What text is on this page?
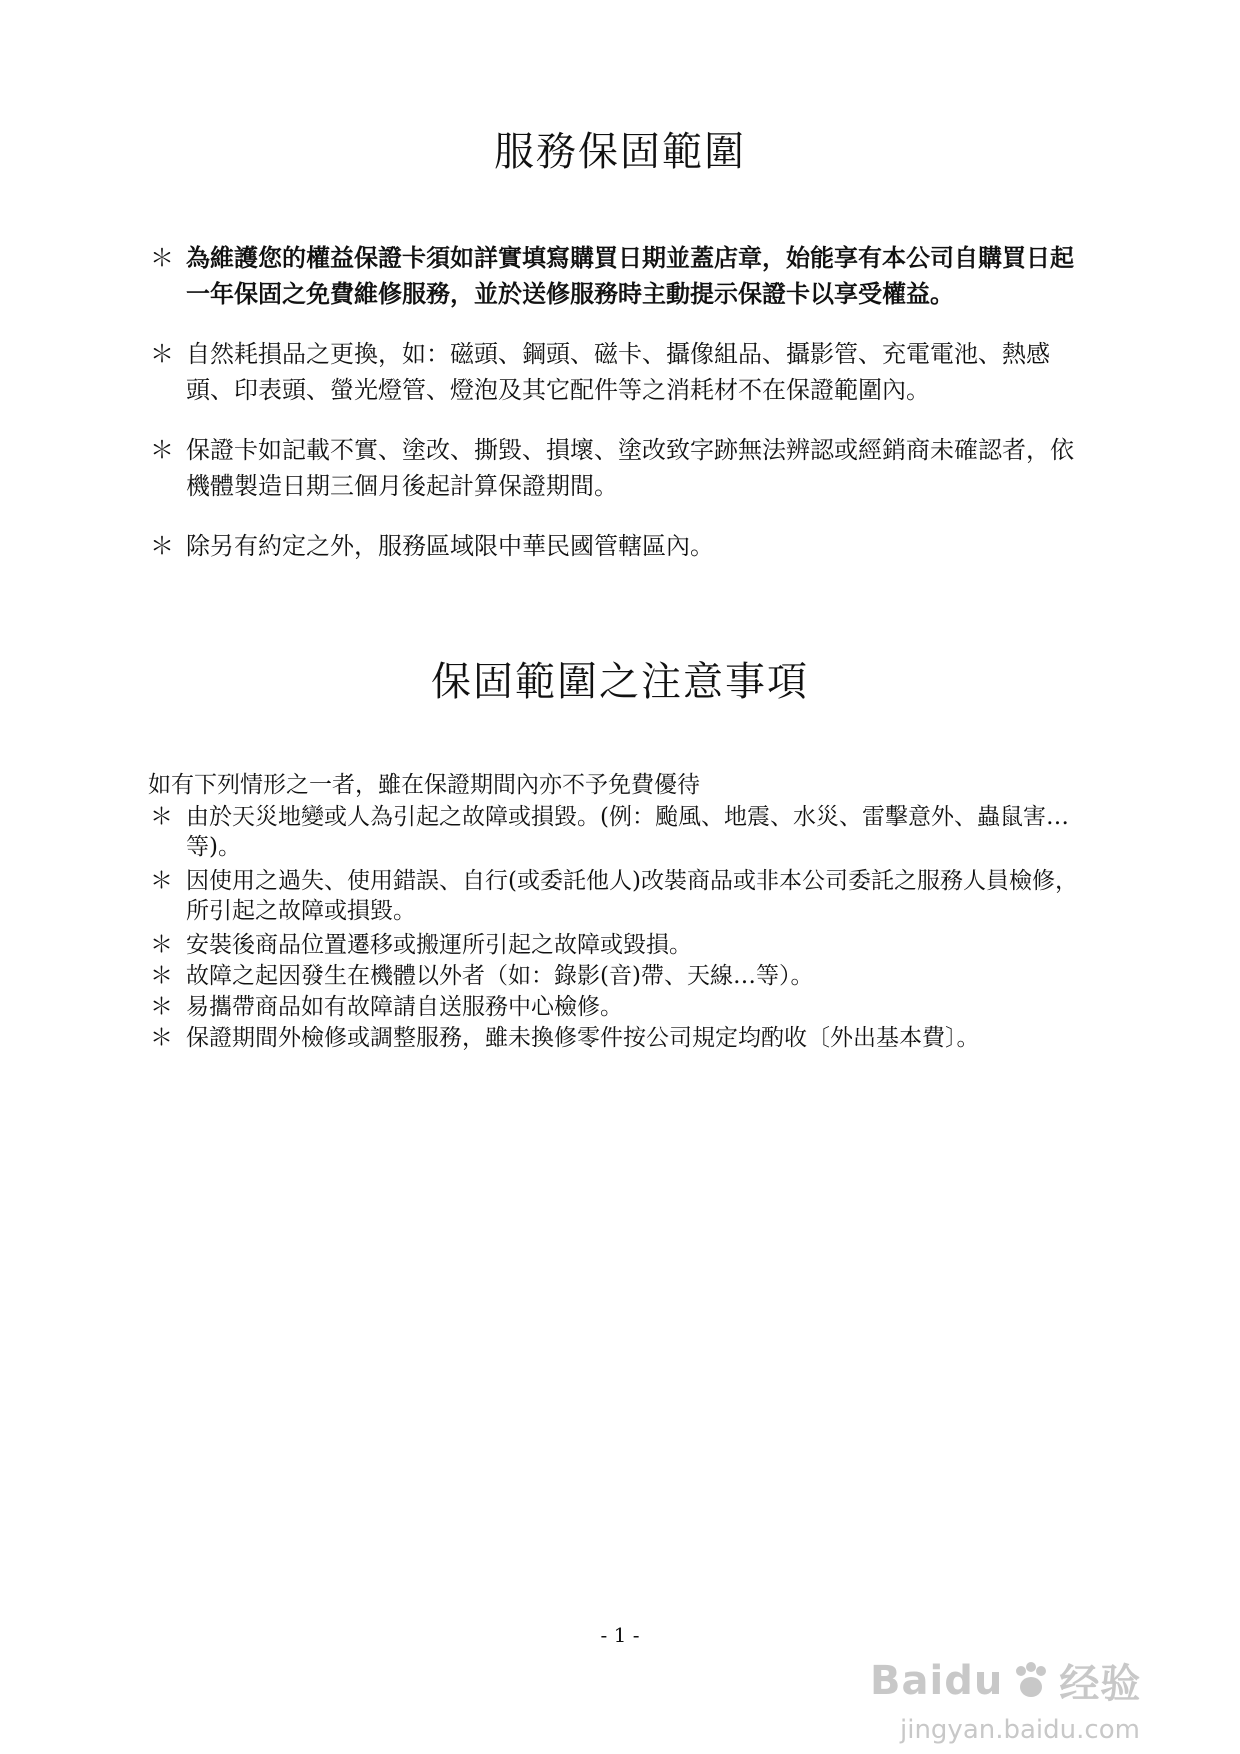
服務保固範圍
＊ 為維護您的權益保證卡須如詳實填寫購買日期並蓋店章，始能享有本公司自購買日起一年保固之免費維修服務，並於送修服務時主動提示保證卡以享受權益。
＊ 自然耗損品之更換，如：磁頭、鋼頭、磁卡、攝像組品、攝影管、充電電池、熱感頭、印表頭、螢光燈管、燈泡及其它配件等之消耗材不在保證範圍內。
＊ 保證卡如記載不實、塗改、撕毀、損壞、塗改致字跡無法辨認或經銷商未確認者，依機體製造日期三個月後起計算保證期間。
＊ 除另有約定之外，服務區域限中華民國管轄區內。
保固範圍之注意事項
如有下列情形之一者，雖在保證期間內亦不予免費優待
＊ 由於天災地變或人為引起之故障或損毀。(例：颱風、地震、水災、雷擊意外、蟲鼠害…等)。
＊ 因使用之過失、使用錯誤、自行(或委託他人)改裝商品或非本公司委託之服務人員檢修，所引起之故障或損毀。
＊ 安裝後商品位置遷移或搬運所引起之故障或毀損。
＊ 故障之起因發生在機體以外者（如：錄影(音)帶、天線…等）。
＊ 易攜帶商品如有故障請自送服務中心檢修。
＊ 保證期間外檢修或調整服務，雖未換修零件按公司規定均酌收〔外出基本費〕。
- 1 -
Baidu 经验
jingyan.baidu.com
